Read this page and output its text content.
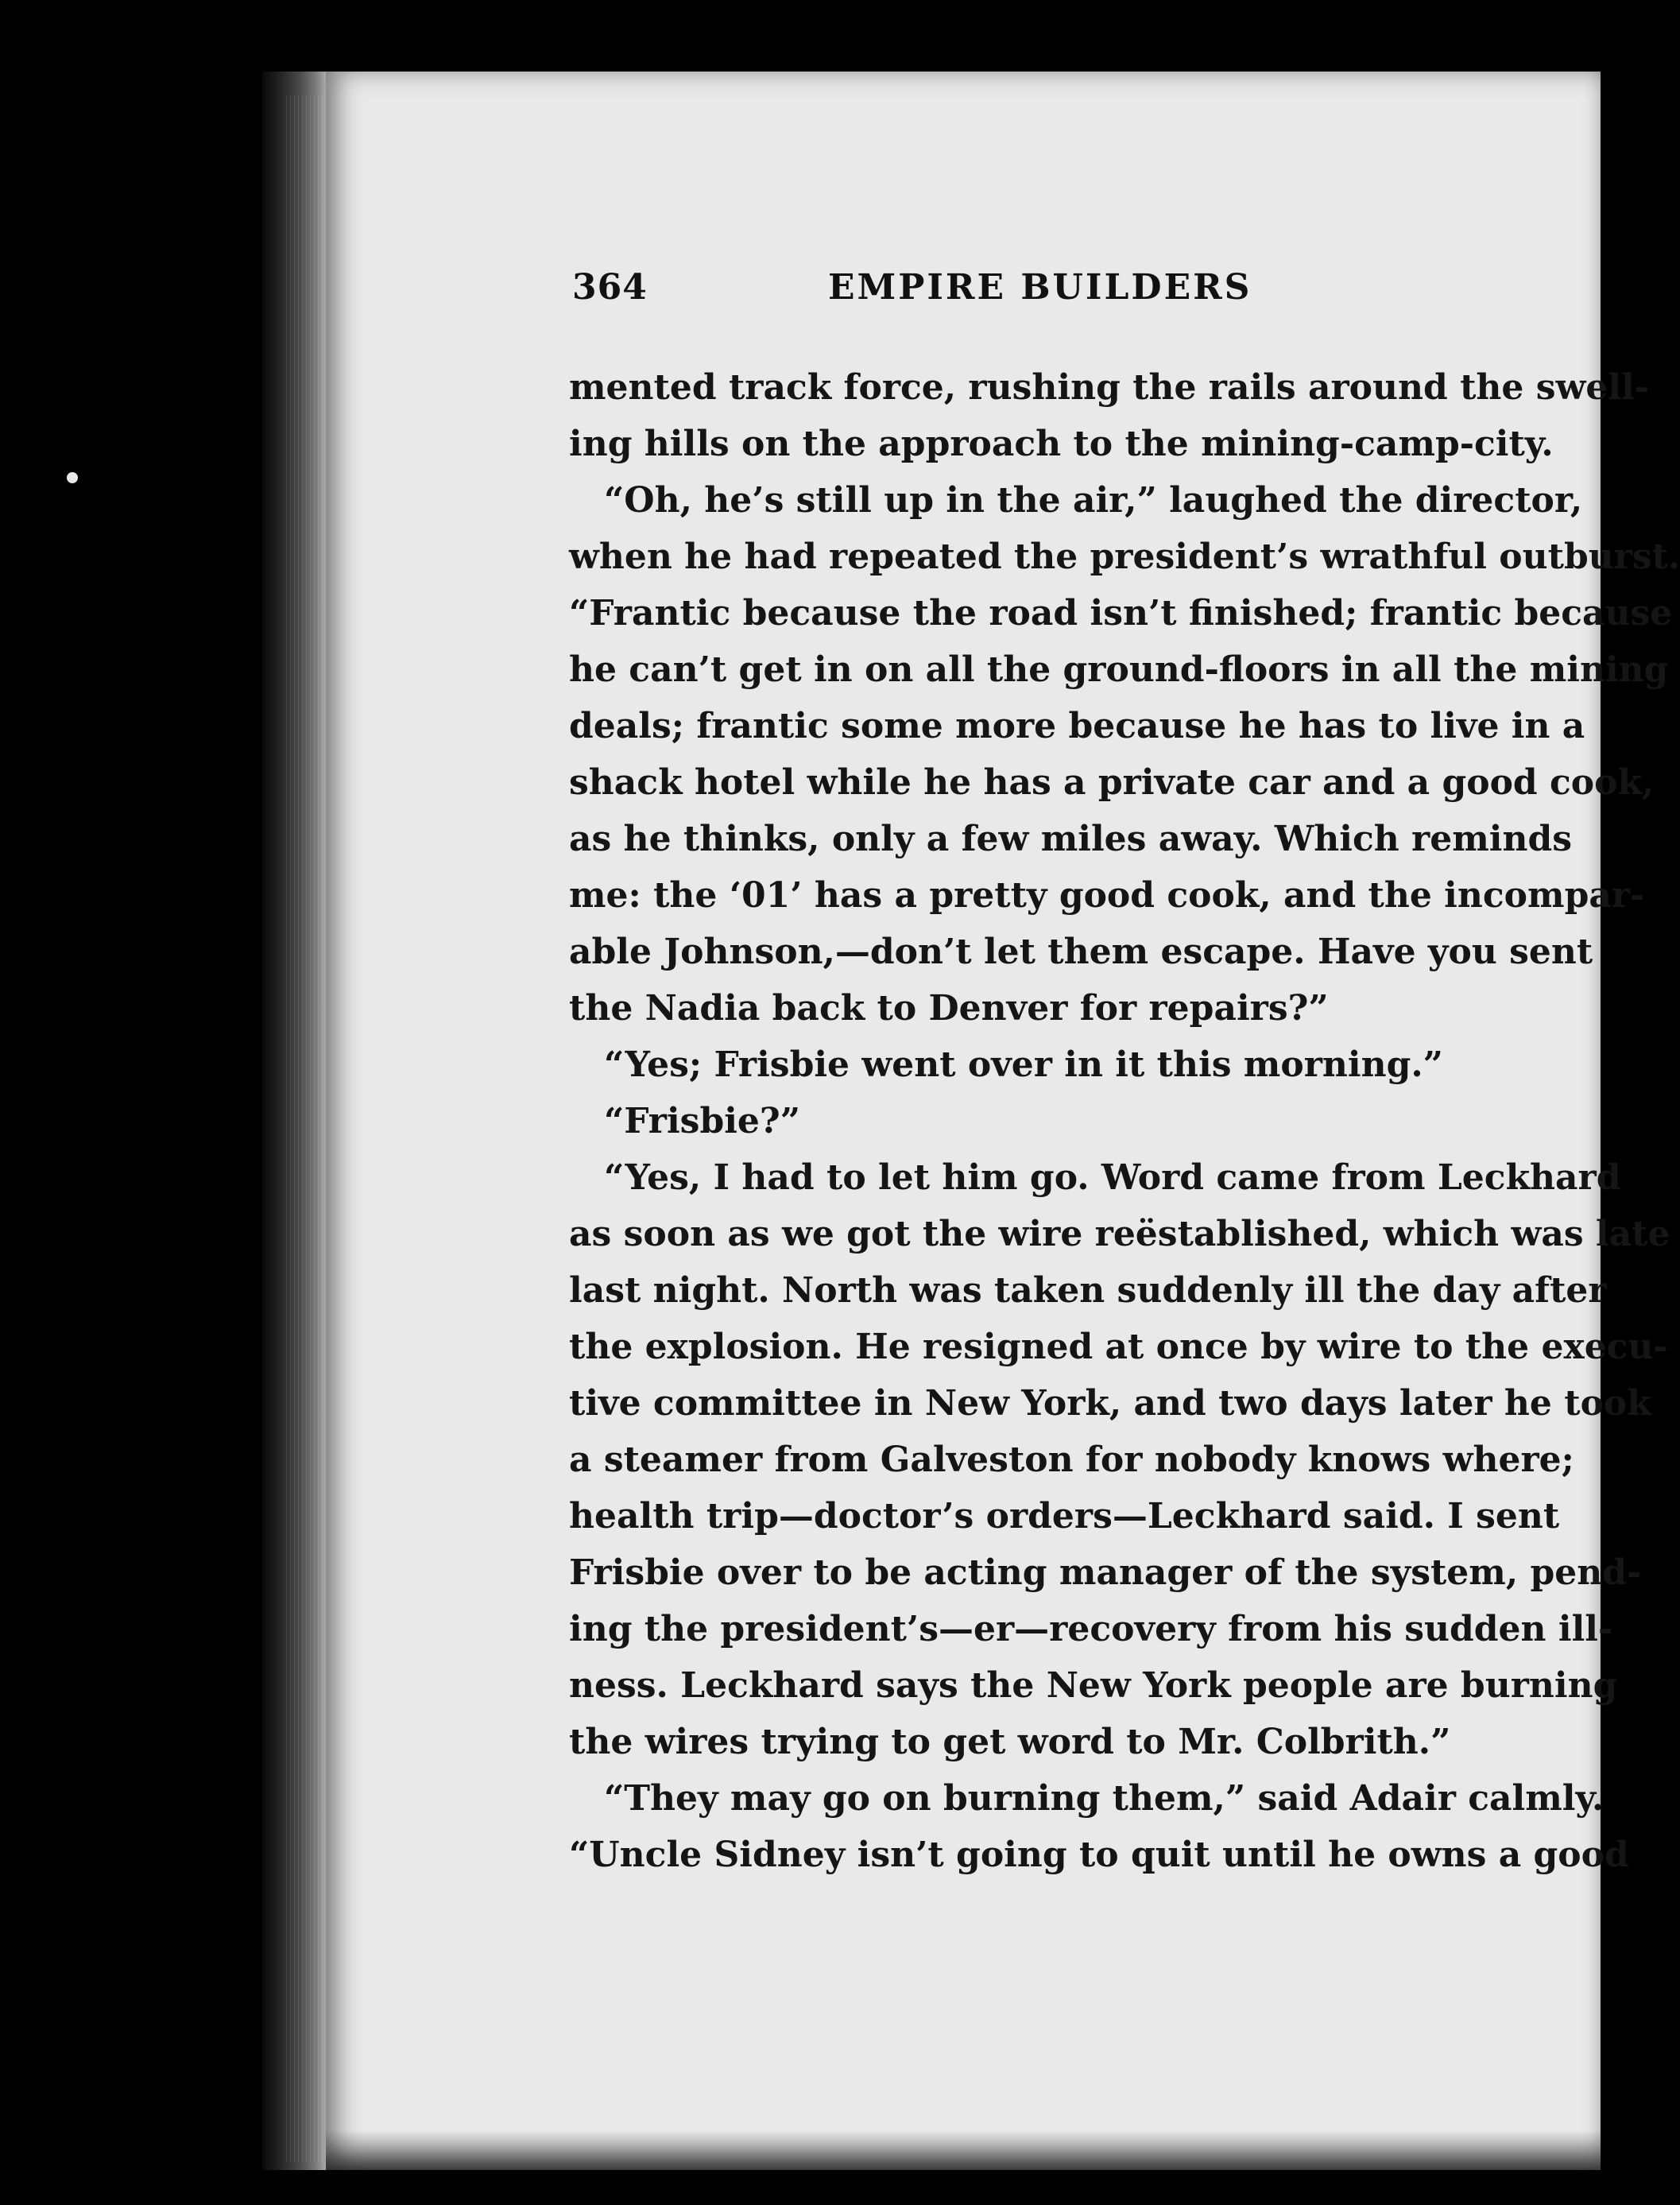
364	EMPIRE BUILDERS
mented track force, rushing the rails around the swell-
ing hills on the approach to the mining-camp-city.
“Oh, he’s still up in the air,” laughed the director,
when he had repeated the president’s wrathful outburst.
“Frantic because the road isn’t finished; frantic because
he can’t get in on all the ground-floors in all the mining
deals; frantic some more because he has to live in a
shack hotel while he has a private car and a good cook,
as he thinks, only a few miles away. Which reminds
me: the ‘01’ has a pretty good cook, and the incompar-
able Johnson,—don’t let them escape. Have you sent
the Nadia back to Denver for repairs?”
“Yes; Frisbie went over in it this morning.”
“Frisbie?”
“Yes, I had to let him go. Word came from Leckhard
as soon as we got the wire reëstablished, which was late
last night. North was taken suddenly ill the day after
the explosion. He resigned at once by wire to the execu-
tive committee in New York, and two days later he took
a steamer from Galveston for nobody knows where;
health trip—doctor’s orders—Leckhard said. I sent
Frisbie over to be acting manager of the system, pend-
ing the president’s—er—recovery from his sudden ill-
ness. Leckhard says the New York people are burning
the wires trying to get word to Mr. Colbrith.”
“They may go on burning them,” said Adair calmly.
“Uncle Sidney isn’t going to quit until he owns a good
